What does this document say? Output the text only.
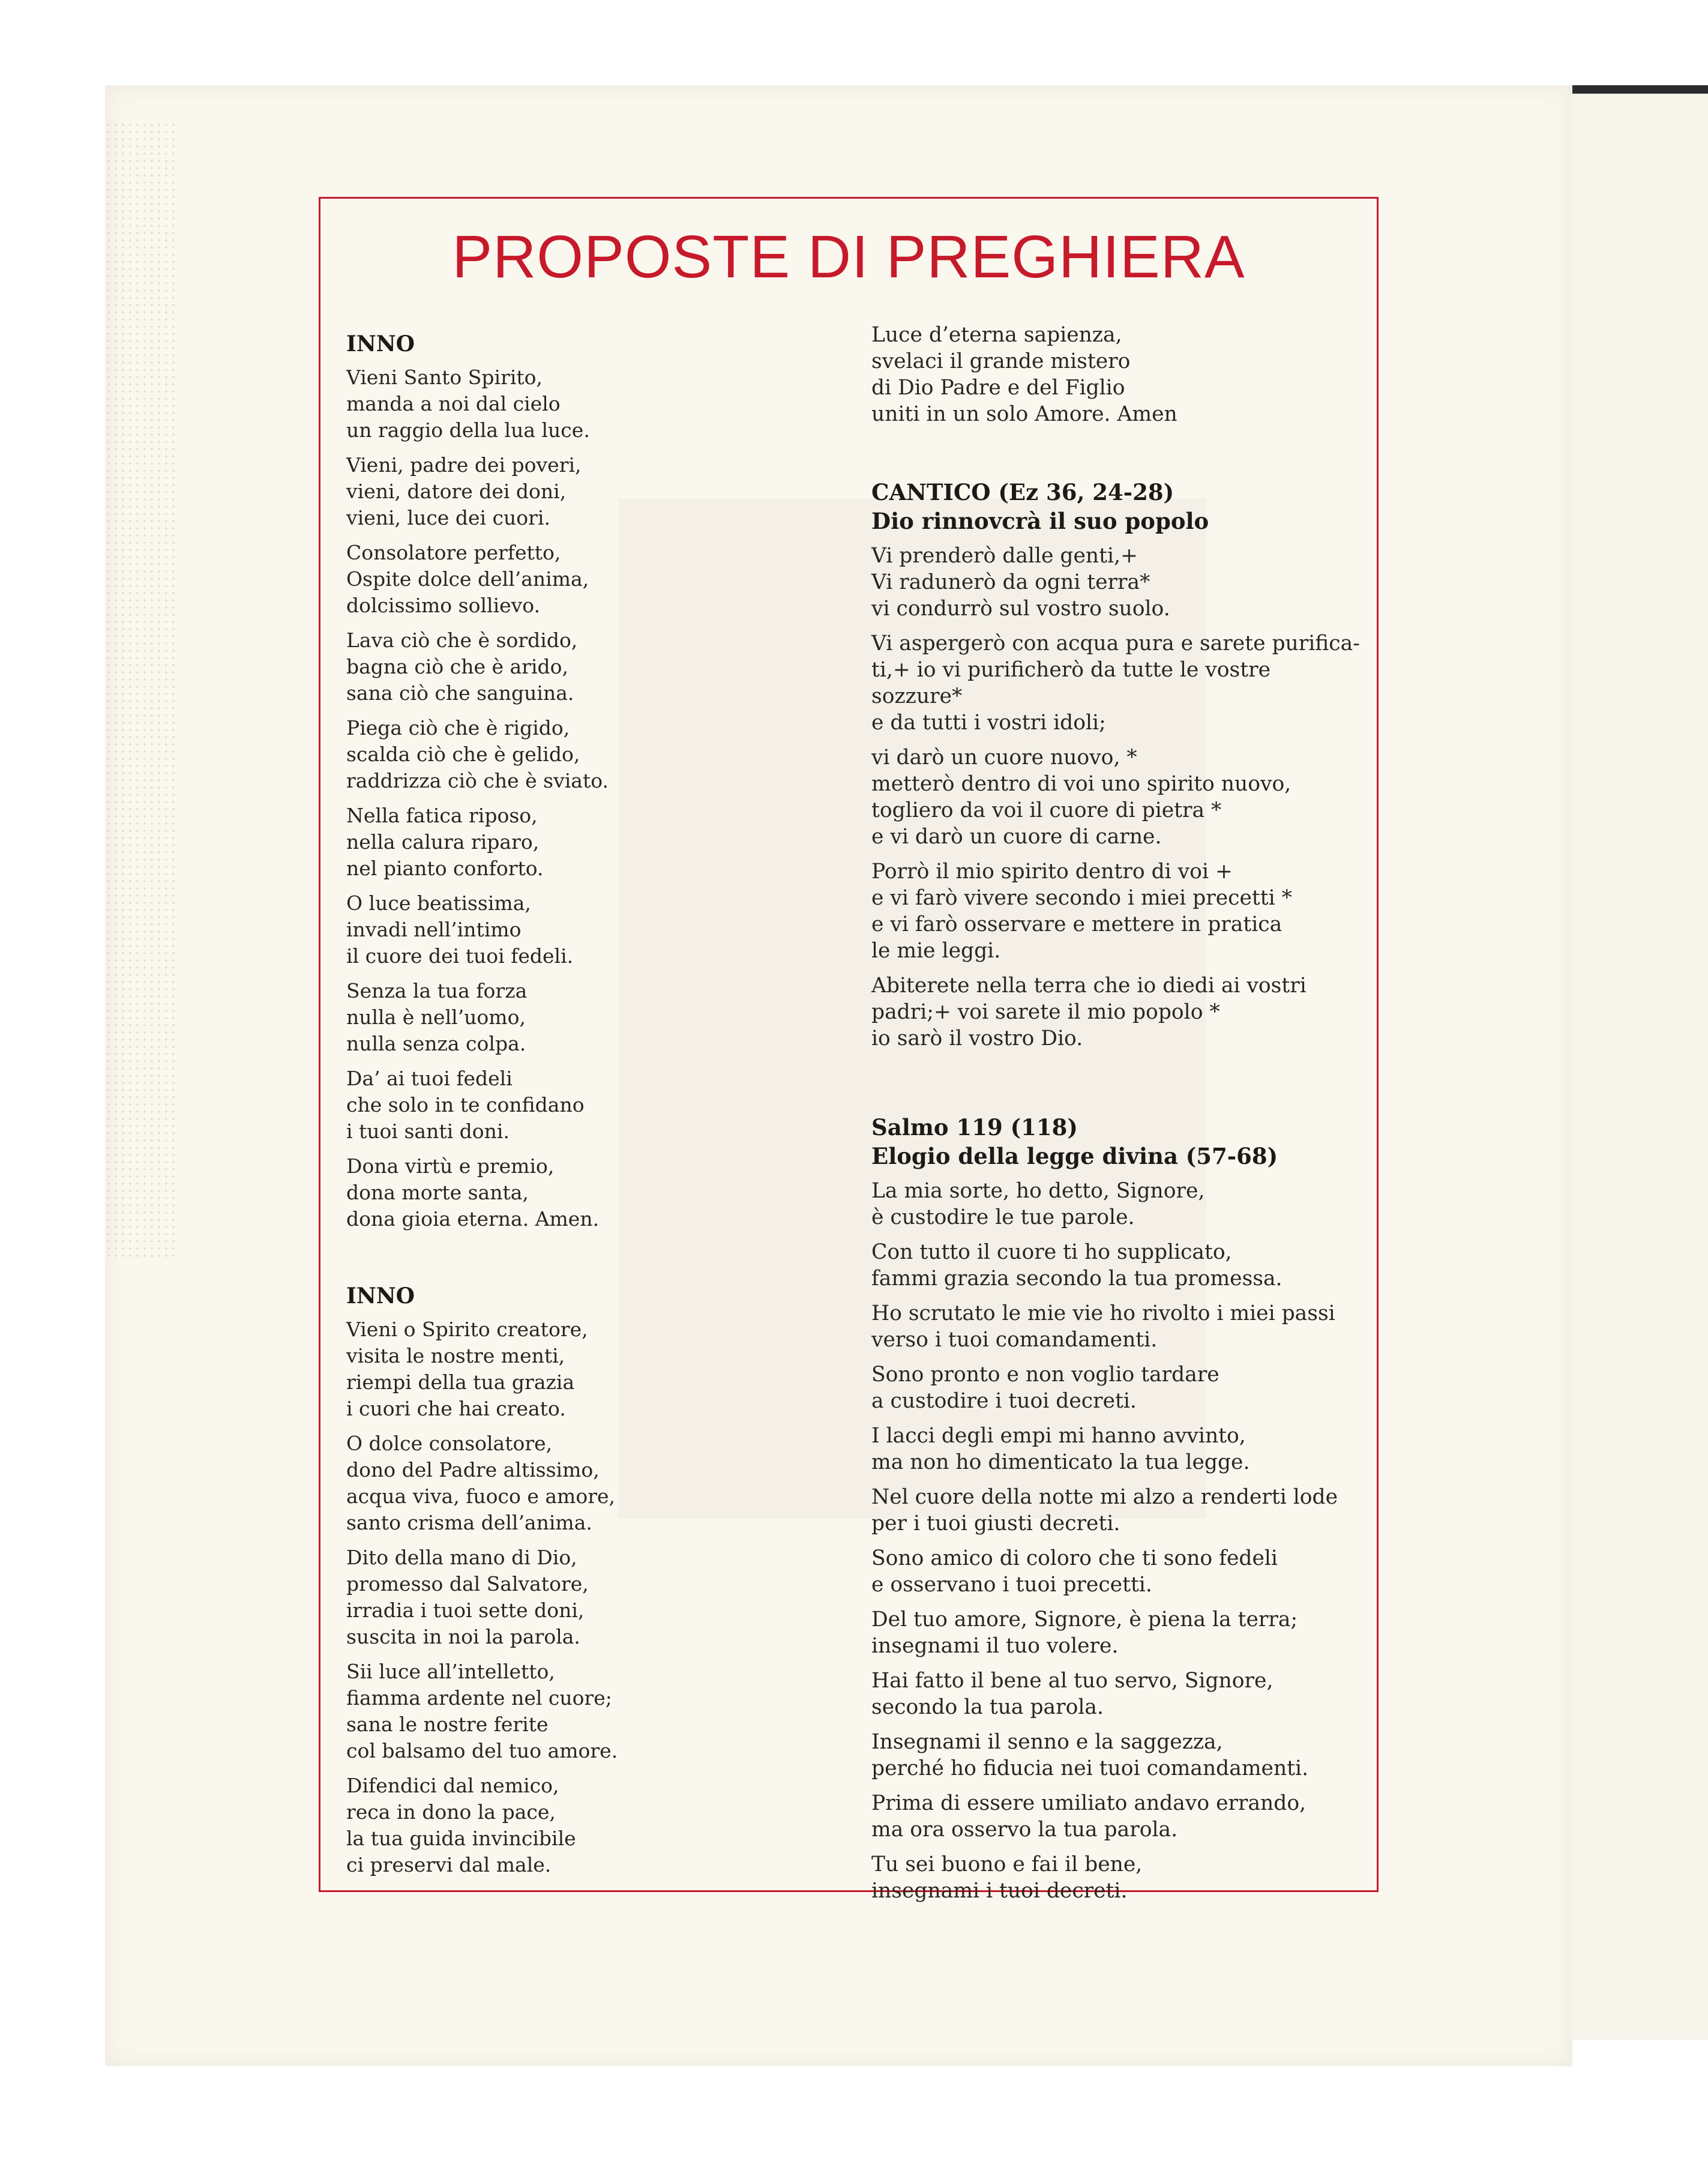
PROPOSTE DI PREGHIERA
INNO
Vieni Santo Spirito,
manda a noi dal cielo
un raggio della lua luce.
Vieni, padre dei poveri,
vieni, datore dei doni,
vieni, luce dei cuori.
Consolatore perfetto,
Ospite dolce dell’anima,
dolcissimo sollievo.
Lava ciò che è sordido,
bagna ciò che è arido,
sana ciò che sanguina.
Piega ciò che è rigido,
scalda ciò che è gelido,
raddrizza ciò che è sviato.
Nella fatica riposo,
nella calura riparo,
nel pianto conforto.
O luce beatissima,
invadi nell’intimo
il cuore dei tuoi fedeli.
Senza la tua forza
nulla è nell’uomo,
nulla senza colpa.
Da’ ai tuoi fedeli
che solo in te confidano
i tuoi santi doni.
Dona virtù e premio,
dona morte santa,
dona gioia eterna. Amen.
INNO
Vieni o Spirito creatore,
visita le nostre menti,
riempi della tua grazia
i cuori che hai creato.
O dolce consolatore,
dono del Padre altissimo,
acqua viva, fuoco e amore,
santo crisma dell’anima.
Dito della mano di Dio,
promesso dal Salvatore,
irradia i tuoi sette doni,
suscita in noi la parola.
Sii luce all’intelletto,
fiamma ardente nel cuore;
sana le nostre ferite
col balsamo del tuo amore.
Difendici dal nemico,
reca in dono la pace,
la tua guida invincibile
ci preservi dal male.
Luce d’eterna sapienza,
svelaci il grande mistero
di Dio Padre e del Figlio
uniti in un solo Amore. Amen
CANTICO (Ez 36, 24-28)
Dio rinnovcrà il suo popolo
Vi prenderò dalle genti,+
Vi radunerò da ogni terra*
vi condurrò sul vostro suolo.
Vi aspergerò con acqua pura e sarete purifica-
ti,+ io vi purificherò da tutte le vostre sozzure*
e da tutti i vostri idoli;
vi darò un cuore nuovo, *
metterò dentro di voi uno spirito nuovo,
togliero da voi il cuore di pietra *
e vi darò un cuore di carne.
Porrò il mio spirito dentro di voi +
e vi farò vivere secondo i miei precetti *
e vi farò osservare e mettere in pratica
le mie leggi.
Abiterete nella terra che io diedi ai vostri
padri;+ voi sarete il mio popolo *
io sarò il vostro Dio.
Salmo 119 (118)
Elogio della legge divina (57-68)
La mia sorte, ho detto, Signore,
è custodire le tue parole.
Con tutto il cuore ti ho supplicato,
fammi grazia secondo la tua promessa.
Ho scrutato le mie vie ho rivolto i miei passi
verso i tuoi comandamenti.
Sono pronto e non voglio tardare
a custodire i tuoi decreti.
I lacci degli empi mi hanno avvinto,
ma non ho dimenticato la tua legge.
Nel cuore della notte mi alzo a renderti lode
per i tuoi giusti decreti.
Sono amico di coloro che ti sono fedeli
e osservano i tuoi precetti.
Del tuo amore, Signore, è piena la terra;
insegnami il tuo volere.
Hai fatto il bene al tuo servo, Signore,
secondo la tua parola.
Insegnami il senno e la saggezza,
perché ho fiducia nei tuoi comandamenti.
Prima di essere umiliato andavo errando,
ma ora osservo la tua parola.
Tu sei buono e fai il bene,
insegnami i tuoi decreti.
